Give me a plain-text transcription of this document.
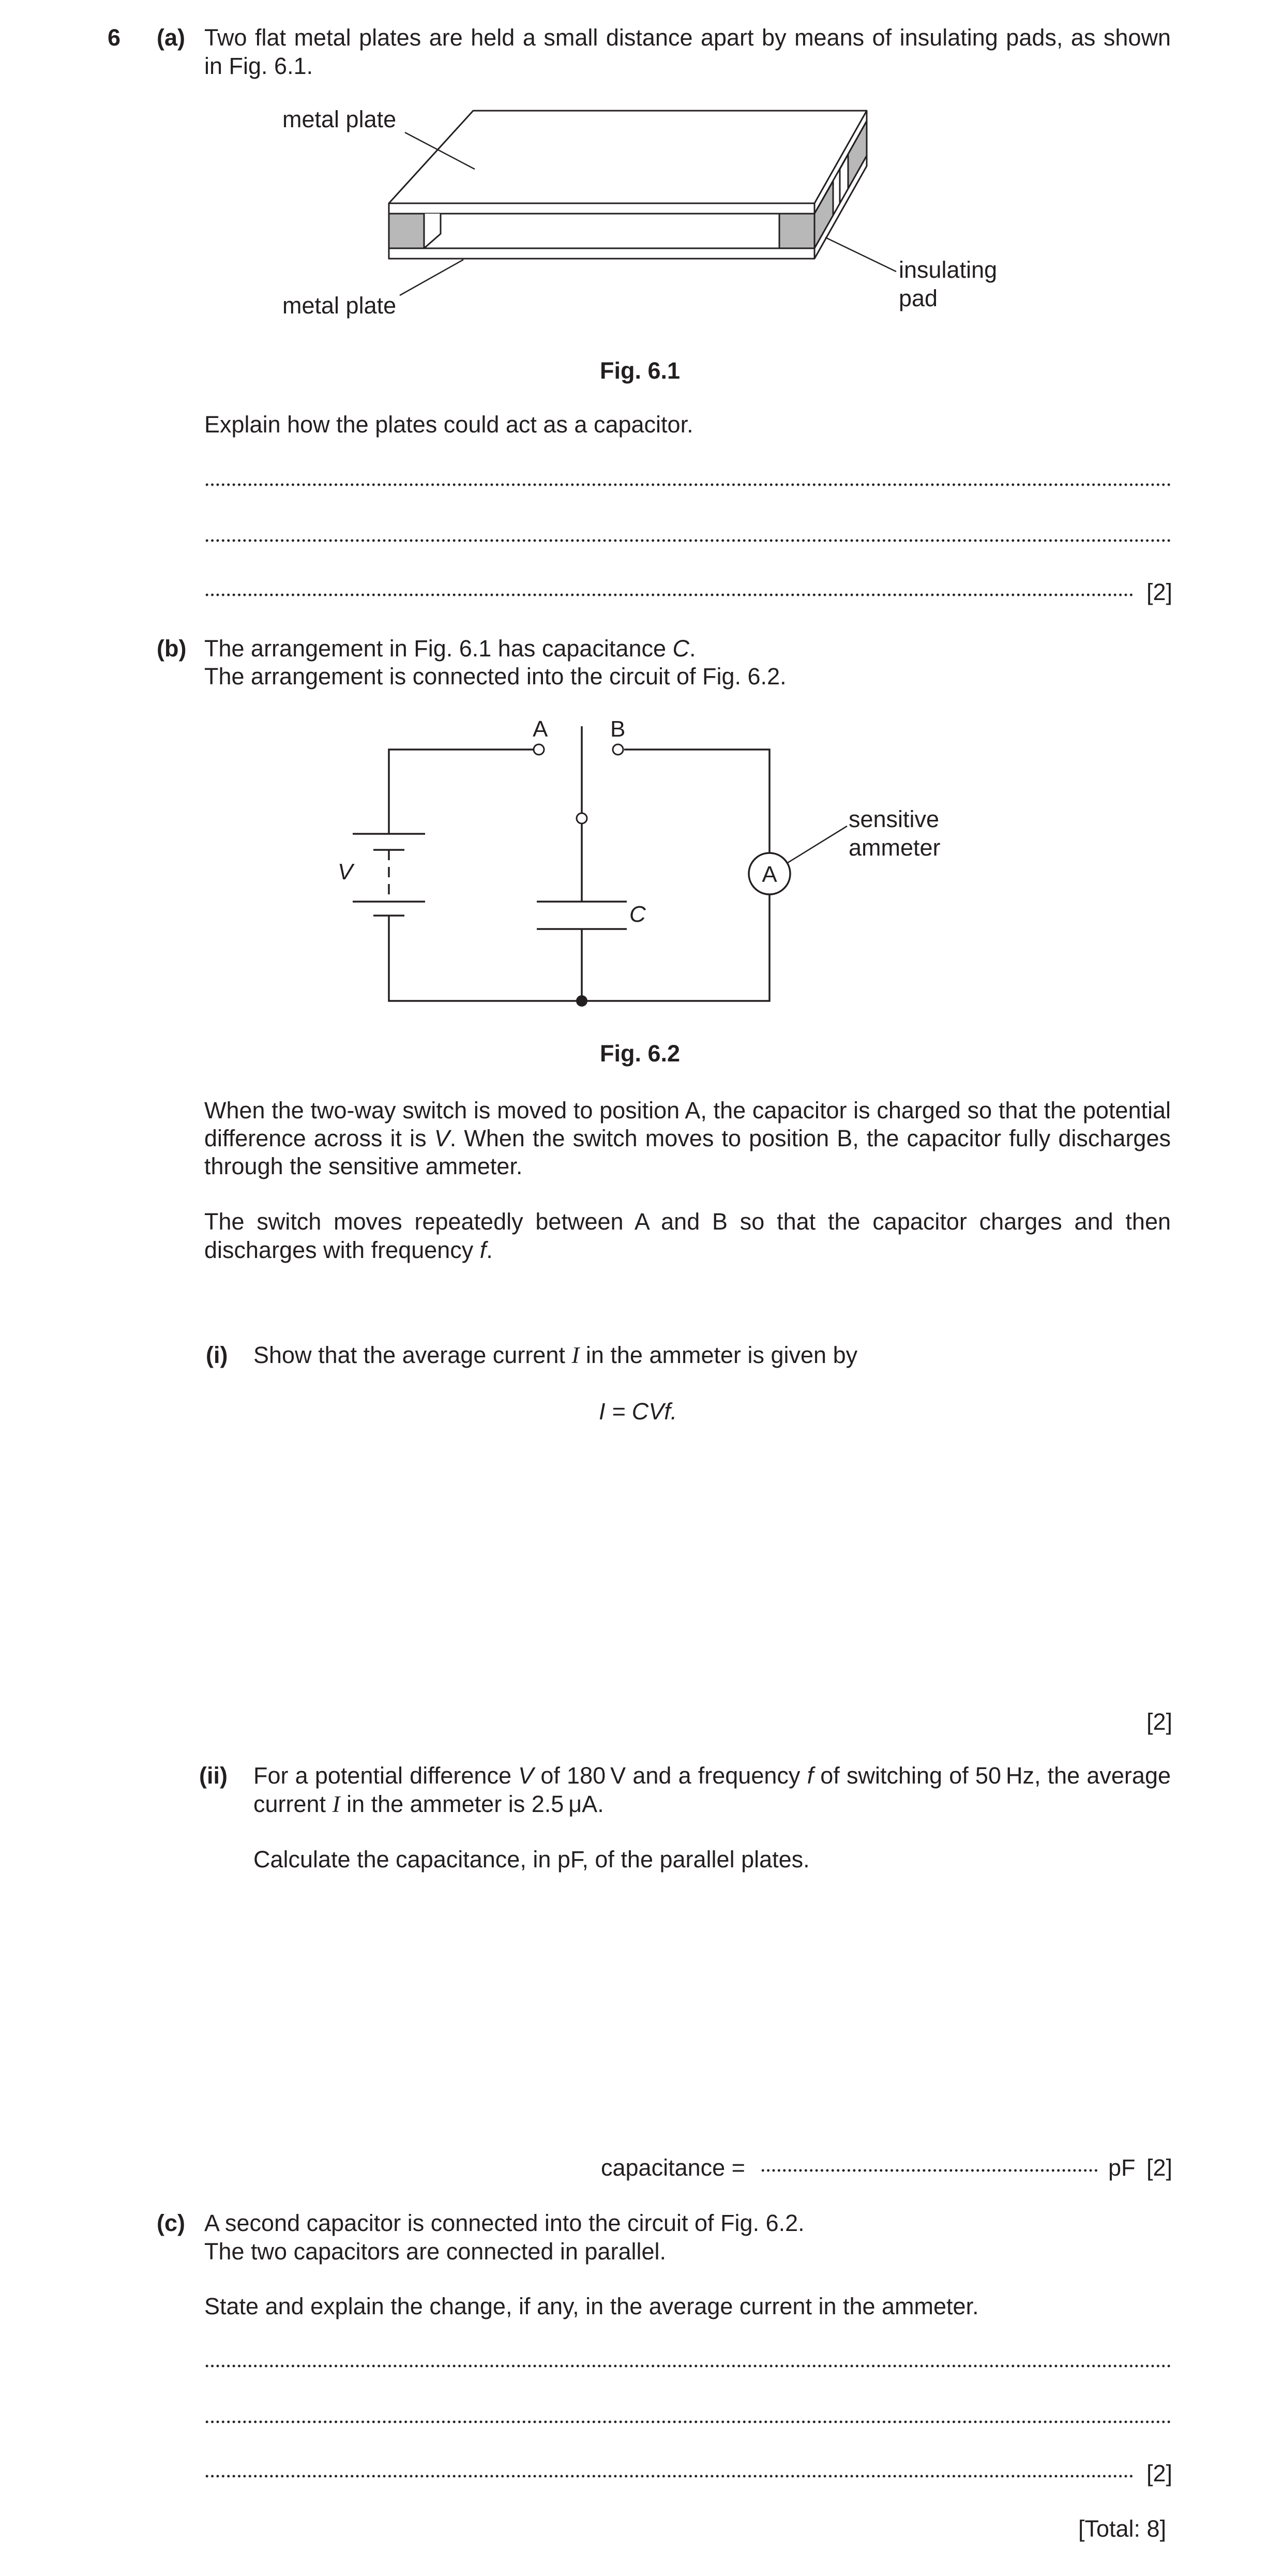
6 (a) Two flat metal plates are held a small distance apart by means of insulating pads, as shown
in Fig. 6.1.
metal plate
metal plate
insulating
pad
Fig. 6.1
Explain how the plates could act as a capacitor.
[2]
(b) The arrangement in Fig. 6.1 has capacitance C.
The arrangement is connected into the circuit of Fig. 6.2.
A	B
V
C
A
sensitive
ammeter
Fig. 6.2
When the two-way switch is moved to position A, the capacitor is charged so that the potential
difference across it is V. When the switch moves to position B, the capacitor fully discharges
through the sensitive ammeter.
The switch moves repeatedly between A and B so that the capacitor charges and then
discharges with frequency f.
(i) Show that the average current I in the ammeter is given by
I = CVf.
[2]
(ii) For a potential difference V of 180 V and a frequency f of switching of 50 Hz, the average
current I in the ammeter is 2.5 μA.
Calculate the capacitance, in pF, of the parallel plates.
capacitance =	pF [2]
(c) A second capacitor is connected into the circuit of Fig. 6.2.
The two capacitors are connected in parallel.
State and explain the change, if any, in the average current in the ammeter.
[2]
[Total: 8]
